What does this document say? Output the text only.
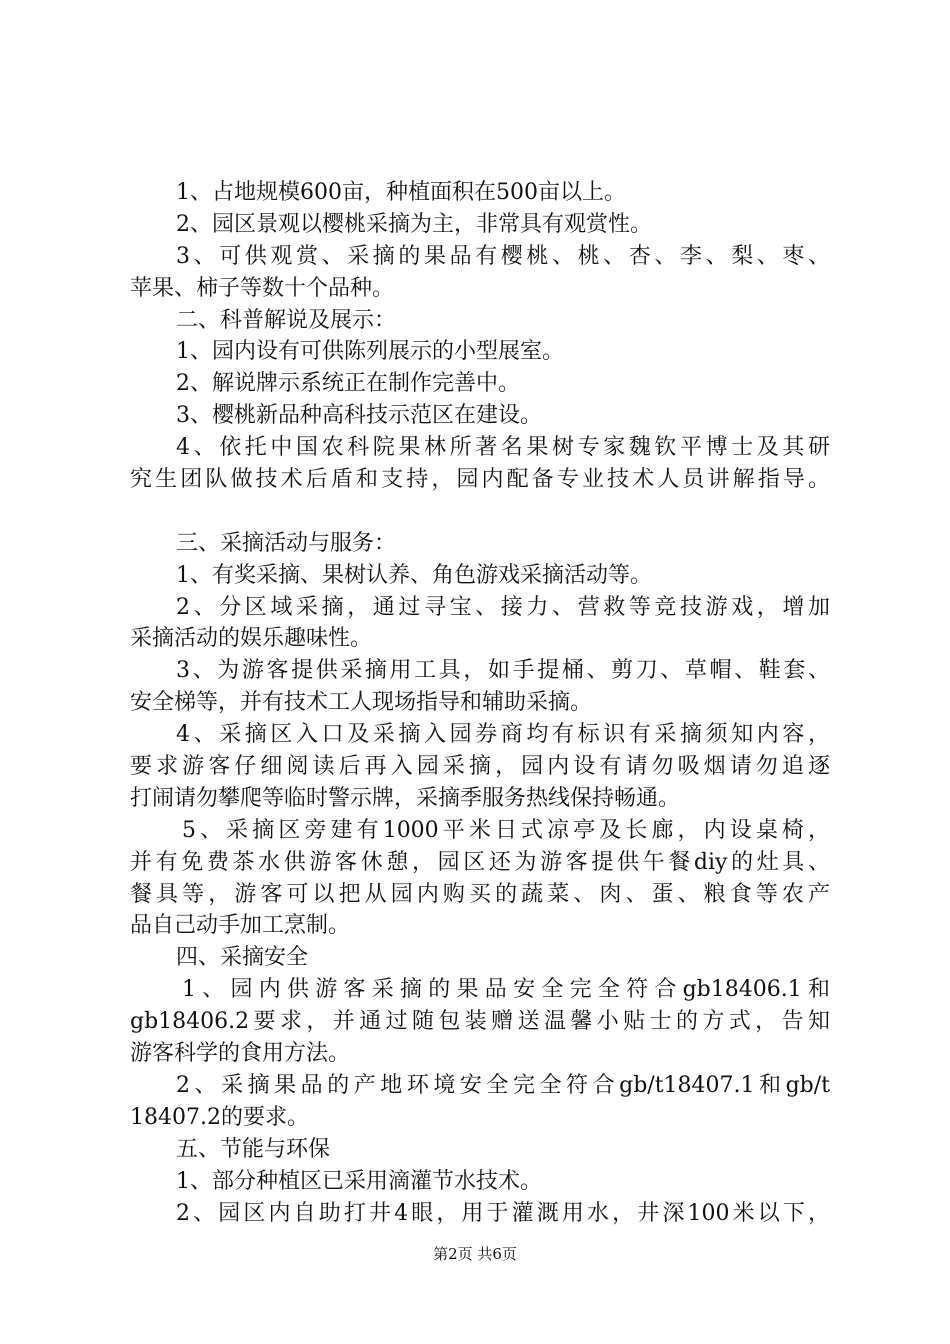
1、占地规模600亩，种植面积在500亩以上。
2、园区景观以樱桃采摘为主，非常具有观赏性。
3、可供观赏、采摘的果品有樱桃、桃、杏、李、梨、枣、
苹果、柿子等数十个品种。
二、科普解说及展示：
1、园内设有可供陈列展示的小型展室。
2、解说牌示系统正在制作完善中。
3、樱桃新品种高科技示范区在建设。
4、依托中国农科院果林所著名果树专家魏钦平博士及其研
究生团队做技术后盾和支持，园内配备专业技术人员讲解指导。
三、采摘活动与服务：
1、有奖采摘、果树认养、角色游戏采摘活动等。
2、分区域采摘，通过寻宝、接力、营救等竞技游戏，增加
采摘活动的娱乐趣味性。
3、为游客提供采摘用工具，如手提桶、剪刀、草帽、鞋套、
安全梯等，并有技术工人现场指导和辅助采摘。
4、采摘区入口及采摘入园券商均有标识有采摘须知内容，
要求游客仔细阅读后再入园采摘，园内设有请勿吸烟请勿追逐
打闹请勿攀爬等临时警示牌，采摘季服务热线保持畅通。
5、采摘区旁建有1000平米日式凉亭及长廊，内设桌椅，
并有免费茶水供游客休憩，园区还为游客提供午餐diy的灶具、
餐具等，游客可以把从园内购买的蔬菜、肉、蛋、粮食等农产
品自己动手加工烹制。
四、采摘安全
1、园内供游客采摘的果品安全完全符合gb18406.1和
gb18406.2要求，并通过随包装赠送温馨小贴士的方式，告知
游客科学的食用方法。
2、采摘果品的产地环境安全完全符合gb/t18407.1和gb/t
18407.2的要求。
五、节能与环保
1、部分种植区已采用滴灌节水技术。
2、园区内自助打井4眼，用于灌溉用水，井深100米以下，
第2页 共6页
